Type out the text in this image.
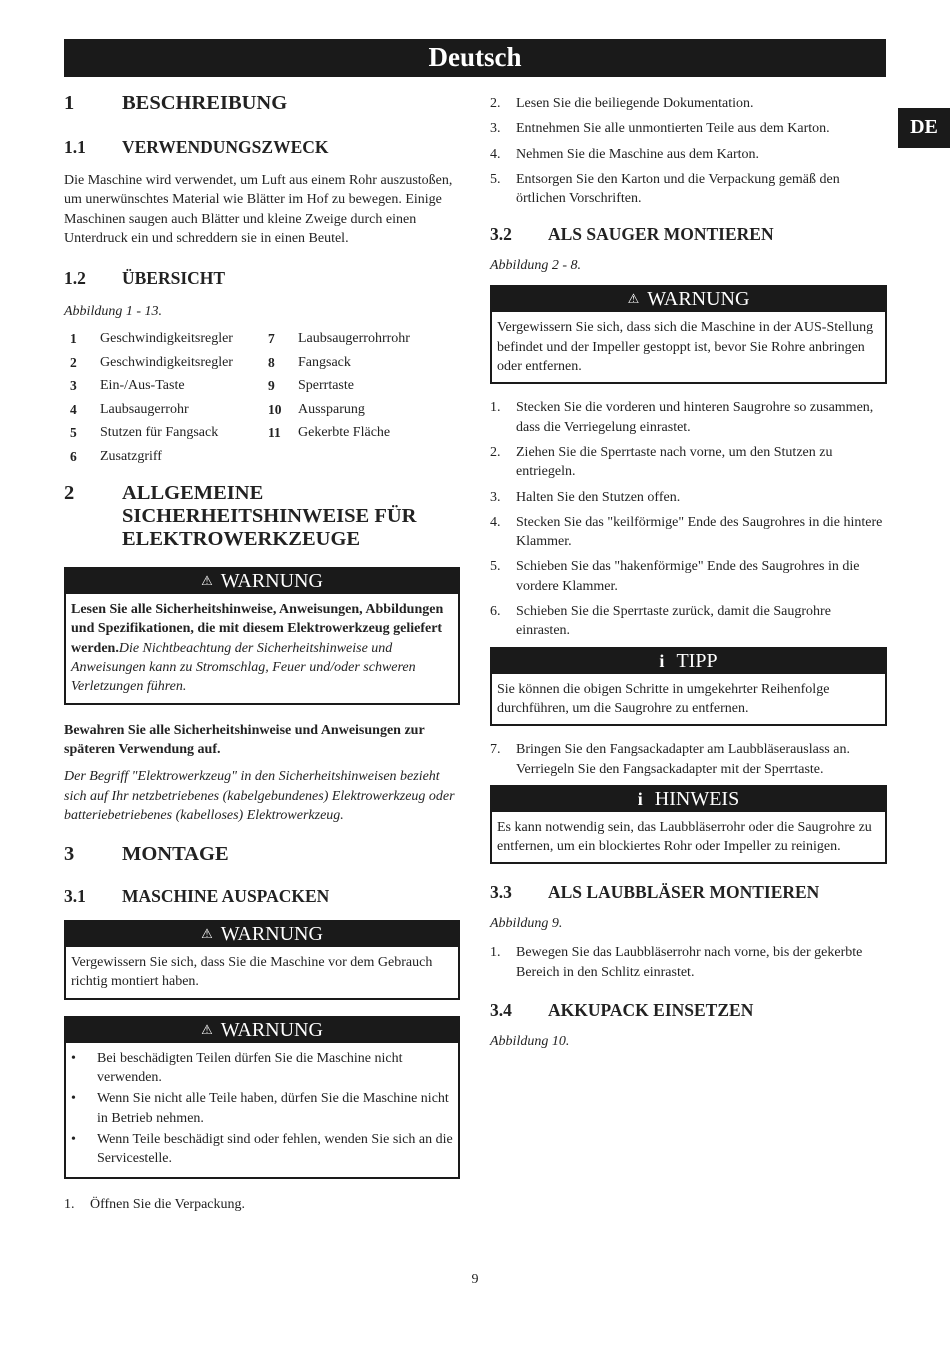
Deutsch
DE
1	BESCHREIBUNG
1.1	VERWENDUNGSZWECK

Die Maschine wird verwendet, um Luft aus einem Rohr auszustoßen, um unerwünschtes Material wie Blätter im Hof zu bewegen. Einige Maschinen saugen auch Blätter und kleine Zweige durch einen Unterdruck ein und schreddern sie in einen Beutel.

1.2	ÜBERSICHT

Abbildung 1 - 13.

1	Geschwindigkeitsregler
2	Geschwindigkeitsregler
3	Ein-/Aus-Taste
4	Laubsaugerrohr
5	Stutzen für Fangsack
6	Zusatzgriff
7	Laubsaugerrohrrohr
8	Fangsack
9	Sperrtaste
10	Aussparung
11	Gekerbte Fläche
2	ALLGEMEINE SICHERHEITSHINWEISE FÜR ELEKTROWERKZEUGE
⚠ WARNUNG
Lesen Sie alle Sicherheitshinweise, Anweisungen, Abbildungen und Spezifikationen, die mit diesem Elektrowerkzeug geliefert werden.Die Nichtbeachtung der Sicherheitshinweise und Anweisungen kann zu Stromschlag, Feuer und/oder schweren Verletzungen führen.

Bewahren Sie alle Sicherheitshinweise und Anweisungen zur späteren Verwendung auf.

Der Begriff "Elektrowerkzeug" in den Sicherheitshinweisen bezieht sich auf Ihr netzbetriebenes (kabelgebundenes) Elektrowerkzeug oder batteriebetriebenes (kabelloses) Elektrowerkzeug.

3	MONTAGE
3.1	MASCHINE AUSPACKEN
⚠ WARNUNG
Vergewissern Sie sich, dass Sie die Maschine vor dem Gebrauch richtig montiert haben.
⚠ WARNUNG
•	Bei beschädigten Teilen dürfen Sie die Maschine nicht verwenden.
•	Wenn Sie nicht alle Teile haben, dürfen Sie die Maschine nicht in Betrieb nehmen.
•	Wenn Teile beschädigt sind oder fehlen, wenden Sie sich an die Servicestelle.
1.	Öffnen Sie die Verpackung.
2.	Lesen Sie die beiliegende Dokumentation.
3.	Entnehmen Sie alle unmontierten Teile aus dem Karton.
4.	Nehmen Sie die Maschine aus dem Karton.
5.	Entsorgen Sie den Karton und die Verpackung gemäß den örtlichen Vorschriften.
3.2	ALS SAUGER MONTIEREN

Abbildung 2 - 8.

⚠ WARNUNG
Vergewissern Sie sich, dass sich die Maschine in der AUS-Stellung befindet und der Impeller gestoppt ist, bevor Sie Rohre anbringen oder entfernen.
1.	Stecken Sie die vorderen und hinteren Saugrohre so zusammen, dass die Verriegelung einrastet.
2.	Ziehen Sie die Sperrtaste nach vorne, um den Stutzen zu entriegeln.
3.	Halten Sie den Stutzen offen.
4.	Stecken Sie das "keilförmige" Ende des Saugrohres in die hintere Klammer.
5.	Schieben Sie das "hakenförmige" Ende des Saugrohres in die vordere Klammer.
6.	Schieben Sie die Sperrtaste zurück, damit die Saugrohre einrasten.
i TIPP
Sie können die obigen Schritte in umgekehrter Reihenfolge durchführen, um die Saugrohre zu entfernen.
7.	Bringen Sie den Fangsackadapter am Laubbläserauslass an. Verriegeln Sie den Fangsackadapter mit der Sperrtaste.
i HINWEIS
Es kann notwendig sein, das Laubbläserrohr oder die Saugrohre zu entfernen, um ein blockiertes Rohr oder Impeller zu reinigen.
3.3	ALS LAUBBLÄSER MONTIEREN

Abbildung 9.

1.	Bewegen Sie das Laubbläserrohr nach vorne, bis der gekerbte Bereich in den Schlitz einrastet.
3.4	AKKUPACK EINSETZEN

Abbildung 10.

9
